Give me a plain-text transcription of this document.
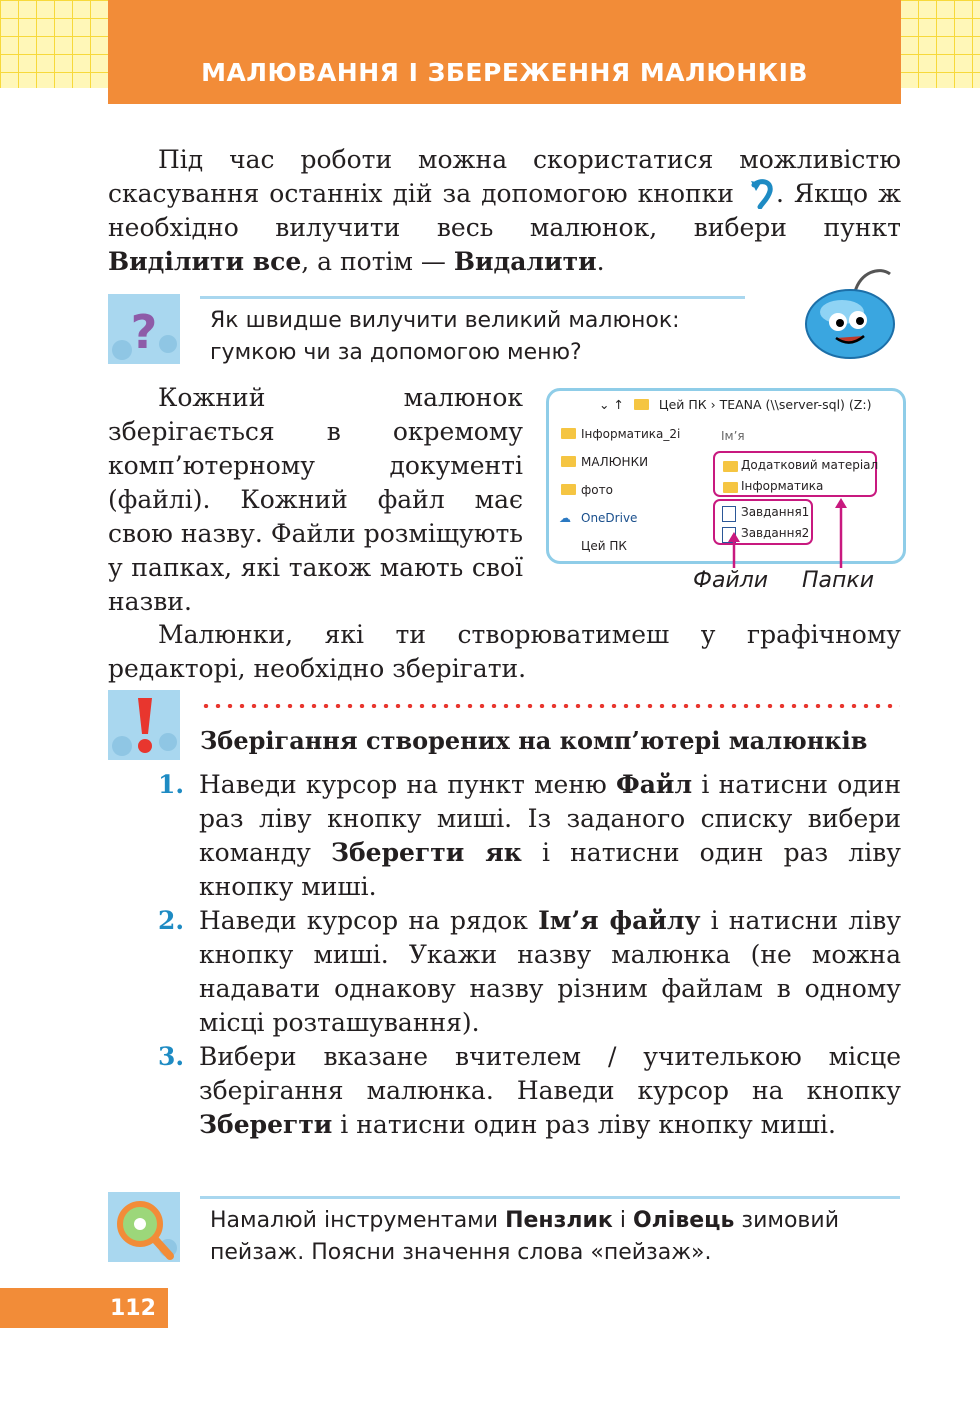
МАЛЮВАННЯ І ЗБЕРЕЖЕННЯ МАЛЮНКІВ

Під час роботи можна скористатися можливістю скасування останніх дій за допомогою кнопки . Якщо ж необхідно вилучити весь малюнок, вибери пункт Виділити все, а потім — Видалити.

? Як швидше вилучити великий малюнок: гумкою чи за допомогою меню?

Кожний малюнок зберігається в окремому комп’ютерному документі (файлі). Кожний файл має свою назву. Файли розміщують у папках, які також мають свої назви.

⌄ ↑	Цей ПК › TEANA (\\server-sql) (Z:)
Інформатика_2і
МАЛЮНКИ
фото
☁ OneDrive
Цей ПК
Ім’я
Додатковий матеріал
Інформатика
Завдання1
Завдання2
Файли Папки

Малюнки, які ти створюватимеш у графічному редакторі, необхідно зберігати.

Зберігання створених на комп’ютері малюнків
1. Наведи курсор на пункт меню Файл і натисни один раз ліву кнопку миші. Із заданого списку вибери команду Зберегти як і натисни один раз ліву кнопку миші.
2. Наведи курсор на рядок Ім’я файлу і натисни ліву кнопку миші. Укажи назву малюнка (не можна надавати однакову назву різним файлам в одному місці розташування).
3. Вибери вказане вчителем / учителькою місце зберігання малюнка. Наведи курсор на кнопку Зберегти і натисни один раз ліву кнопку миші.
Намалюй інструментами Пензлик і Олівець зимовий пейзаж. Поясни значення слова «пейзаж».
112
